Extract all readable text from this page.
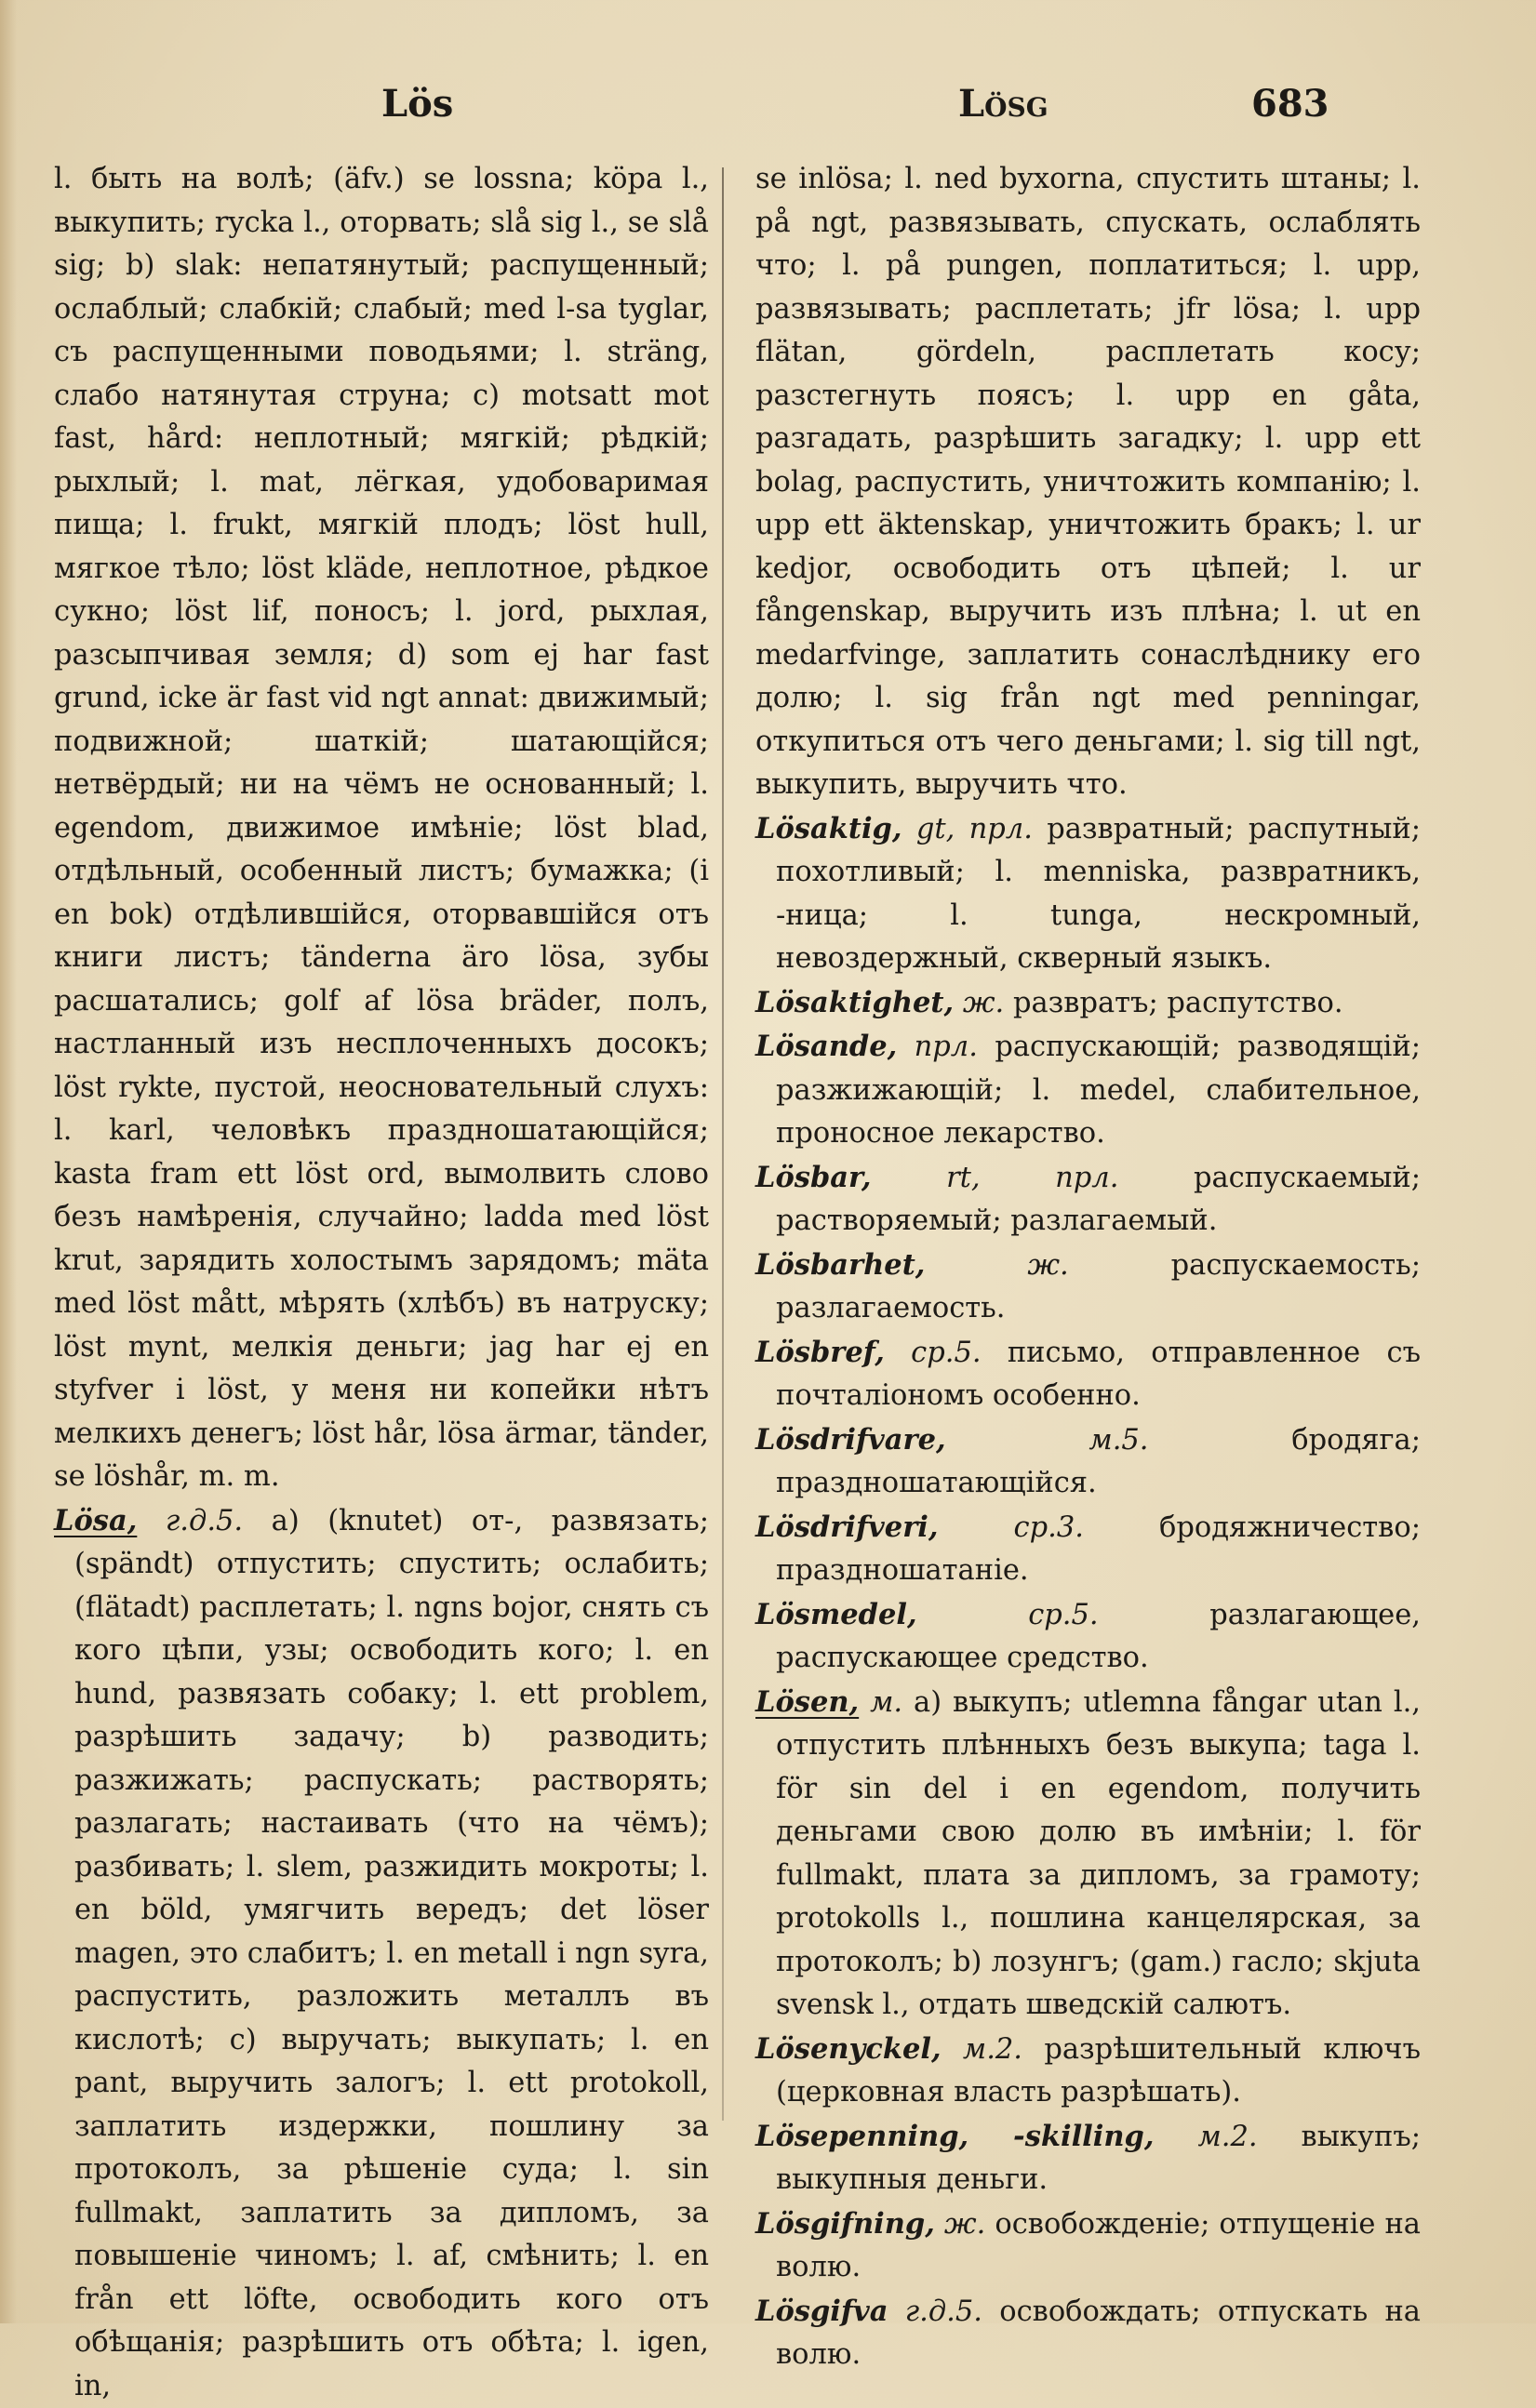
Lös	Lösg	683

l. быть на волѣ; (äfv.) se lossna; köpa l., выкупить; rycka l., оторвать; slå sig l., se slå sig; b) slak: непатянутый; распущенный; ослаблый; слабкій; слабый; med l-sa tyglar, съ распущенными поводьями; l. sträng, слабо натянутая струна; c) motsatt mot fast, hård: неплотный; мягкій; рѣдкій; рыхлый; l. mat, лёгкая, удобоваримая пища; l. frukt, мягкій плодъ; löst hull, мягкое тѣло; löst kläde, неплотное, рѣдкое сукно; löst lif, поносъ; l. jord, рыхлая, разсыпчивая земля; d) som ej har fast grund, icke är fast vid ngt annat: движимый; подвижной; шаткій; шатающійся; нетвёрдый; ни на чёмъ не основанный; l. egendom, движимое имѣніе; löst blad, отдѣльный, особенный листъ; бумажка; (i en bok) отдѣлившійся, оторвавшійся отъ книги листъ; tänderna äro lösa, зубы расшатались; golf af lösa bräder, полъ, настланный изъ несплоченныхъ досокъ; löst rykte, пустой, неосновательный слухъ: l. karl, человѣкъ праздношатающійся; kasta fram ett löst ord, вымолвить слово безъ намѣренія, случайно; ladda med löst krut, зарядить холостымъ зарядомъ; mäta med löst mått, мѣрять (хлѣбъ) въ натруску; löst mynt, мелкія деньги; jag har ej en styfver i löst, у меня ни копейки нѣтъ мелкихъ денегъ; löst hår, lösa ärmar, tänder, se löshår, m. m.

Lösa, г.д.5. a) (knutet) от-, развязать; (spändt) отпустить; спустить; ослабить; (flätadt) расплетать; l. ngns bojor, снять съ кого цѣпи, узы; освободить кого; l. en hund, развязать собаку; l. ett problem, разрѣшить задачу; b) разводить; разжижать; распускать; растворять; разлагать; настаивать (что на чёмъ); разбивать; l. slem, разжидить мокроты; l. en böld, умягчить вередъ; det löser magen, это слабитъ; l. en metall i ngn syra, распустить, разложить металлъ въ кислотѣ; c) выручать; выкупать; l. en pant, выручить залогъ; l. ett protokoll, заплатить издержки, пошлину за протоколъ, за рѣшеніе суда; l. sin fullmakt, заплатить за дипломъ, за повышеніе чиномъ; l. af, смѣнить; l. en från ett löfte, освободить кого отъ обѣщанія; разрѣшить отъ обѣта; l. igen, in,

se inlösa; l. ned byxorna, спустить штаны; l. på ngt, развязывать, спускать, ослаблять что; l. på pungen, поплатиться; l. upp, развязывать; расплетать; jfr lösa; l. upp flätan, gördeln, расплетать косу; разстегнуть поясъ; l. upp en gåta, разгадать, разрѣшить загадку; l. upp ett bolag, распустить, уничтожить компанію; l. upp ett äktenskap, уничтожить бракъ; l. ur kedjor, освободить отъ цѣпей; l. ur fångenskap, выручить изъ плѣна; l. ut en medarfvinge, заплатить сонаслѣднику его долю; l. sig från ngt med penningar, откупиться отъ чего деньгами; l. sig till ngt, выкупить, выручить что.

Lösaktig, gt, прл. развратный; распутный; похотливый; l. menniska, развратникъ, -ница; l. tunga, нескромный, невоздержный, скверный языкъ.

Lösaktighet, ж. развратъ; распутство.

Lösande, прл. распускающій; разводящій; разжижающій; l. medel, слабительное, проносное лекарство.

Lösbar,	rt, прл.	распускаемый; растворяемый; разлагаемый.

Lösbarhet,	ж.	распускаемость; разлагаемость.

Lösbref, ср.5. письмо, отправленное съ почталіономъ особенно.

Lösdrifvare,	м.5.	бродяга; праздношатающійся.

Lösdrifveri,	ср.3.	бродяжничество; праздношатаніе.

Lösmedel,	ср.5.	разлагающее, распускающее средство.

Lösen, м. a) выкупъ; utlemna fångar utan l., отпустить плѣнныхъ безъ выкупа; taga l. för sin del i en egendom, получить деньгами свою долю въ имѣніи; l. för fullmakt, плата за дипломъ, за грамоту; protokolls l., пошлина канцелярская, за протоколъ; b) лозунгъ; (gam.) гасло; skjuta svensk l., отдать шведскій салютъ.

Lösenyckel, м.2. разрѣшительный ключъ (церковная власть разрѣшать).

Lösepenning, -skilling, м.2. выкупъ; выкупныя деньги.

Lösgifning, ж. освобожденіе; отпущеніе на волю.

Lösgifva г.д.5. освобождать; отпускать на волю.
